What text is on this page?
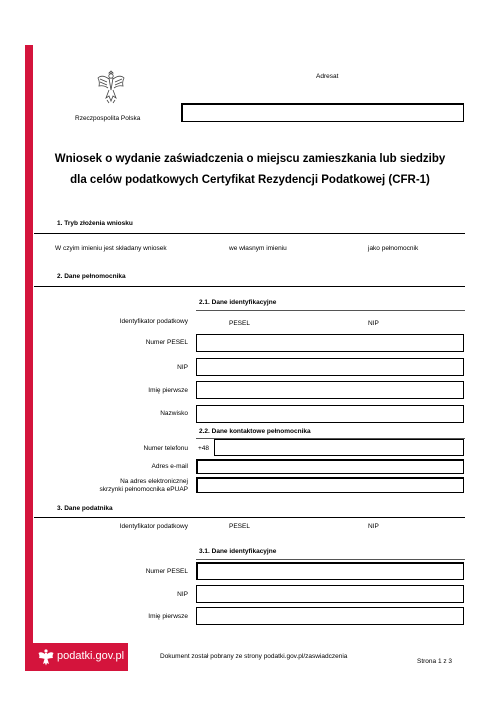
Rzeczpospolita Polska
Adresat
Wniosek o wydanie zaświadczenia o miejscu zamieszkania lub siedziby
dla celów podatkowych Certyfikat Rezydencji Podatkowej (CFR-1)
1. Tryb złożenia wniosku
W czyim imieniu jest składany wniosek	we własnym imieniu	jako pełnomocnik
2. Dane pełnomocnika
2.1. Dane identyfikacyjne
Identyfikator podatkowy	PESEL	NIP
Numer PESEL
NIP
Imię pierwsze
Nazwisko
2.2. Dane kontaktowe pełnomocnika
Numer telefonu +48
Adres e-mail
Na adres elektronicznej
skrzynki pełnomocnika ePUAP
3. Dane podatnika
Identyfikator podatkowy	PESEL	NIP
3.1. Dane identyfikacyjne
Numer PESEL
NIP
Imię pierwsze
podatki.gov.pl	Dokument został pobrany ze strony podatki.gov.pl/zaswiadczenia
Strona 1 z 3
